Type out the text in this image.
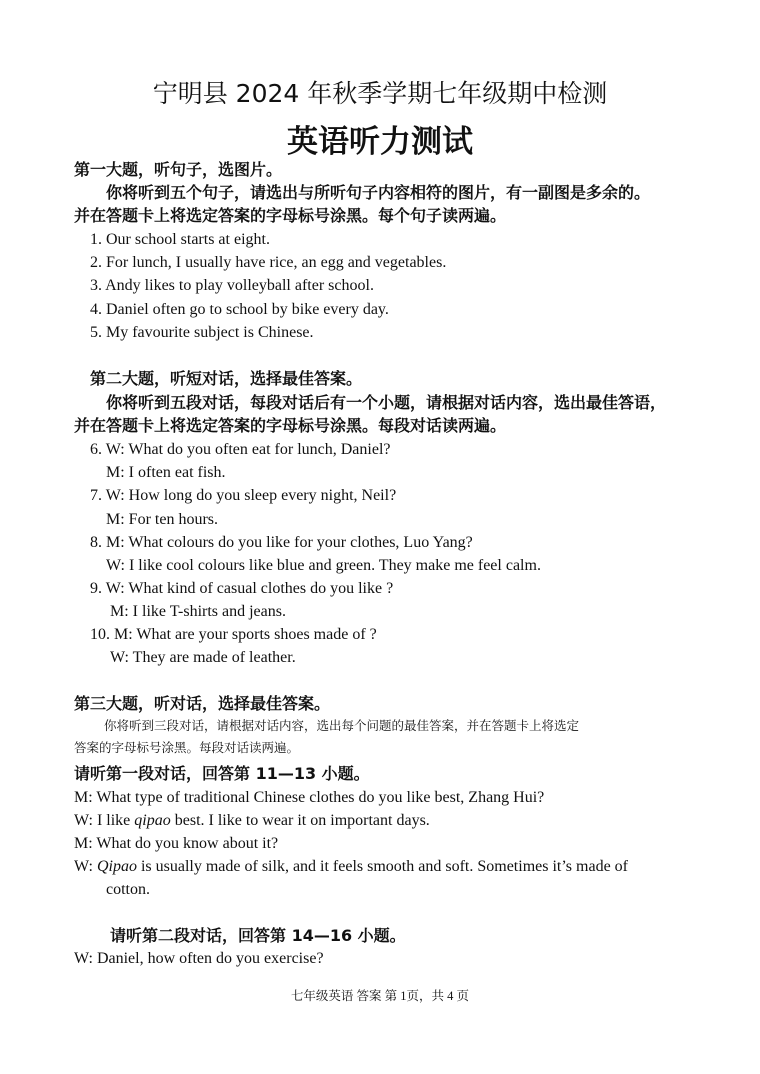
宁明县 2024 年秋季学期七年级期中检测
英语听力测试
第一大题，听句子，选图片。
你将听到五个句子，请选出与所听句子内容相符的图片，有一副图是多余的。
并在答题卡上将选定答案的字母标号涂黑。每个句子读两遍。
1. Our school starts at eight.
2. For lunch, I usually have rice, an egg and vegetables.
3. Andy likes to play volleyball after school.
4. Daniel often go to school by bike every day.
5. My favourite subject is Chinese.
第二大题，听短对话，选择最佳答案。
你将听到五段对话，每段对话后有一个小题，请根据对话内容，选出最佳答语，
并在答题卡上将选定答案的字母标号涂黑。每段对话读两遍。
6. W: What do you often eat for lunch, Daniel?
M: I often eat fish.
7. W: How long do you sleep every night, Neil?
M: For ten hours.
8. M: What colours do you like for your clothes, Luo Yang?
W: I like cool colours like blue and green. They make me feel calm.
9. W: What kind of casual clothes do you like ?
M: I like T-shirts and jeans.
10. M: What are your sports shoes made of ?
W: They are made of leather.
第三大题，听对话，选择最佳答案。
你将听到三段对话，请根据对话内容，选出每个问题的最佳答案，并在答题卡上将选定
答案的字母标号涂黑。每段对话读两遍。
请听第一段对话，回答第 11—13 小题。
M: What type of traditional Chinese clothes do you like best, Zhang Hui?
W: I like qipao best. I like to wear it on important days.
M: What do you know about it?
W: Qipao is usually made of silk, and it feels smooth and soft. Sometimes it’s made of
cotton.
请听第二段对话，回答第 14—16 小题。
W: Daniel, how often do you exercise?
七年级英语 答案 第 1页，共 4 页
